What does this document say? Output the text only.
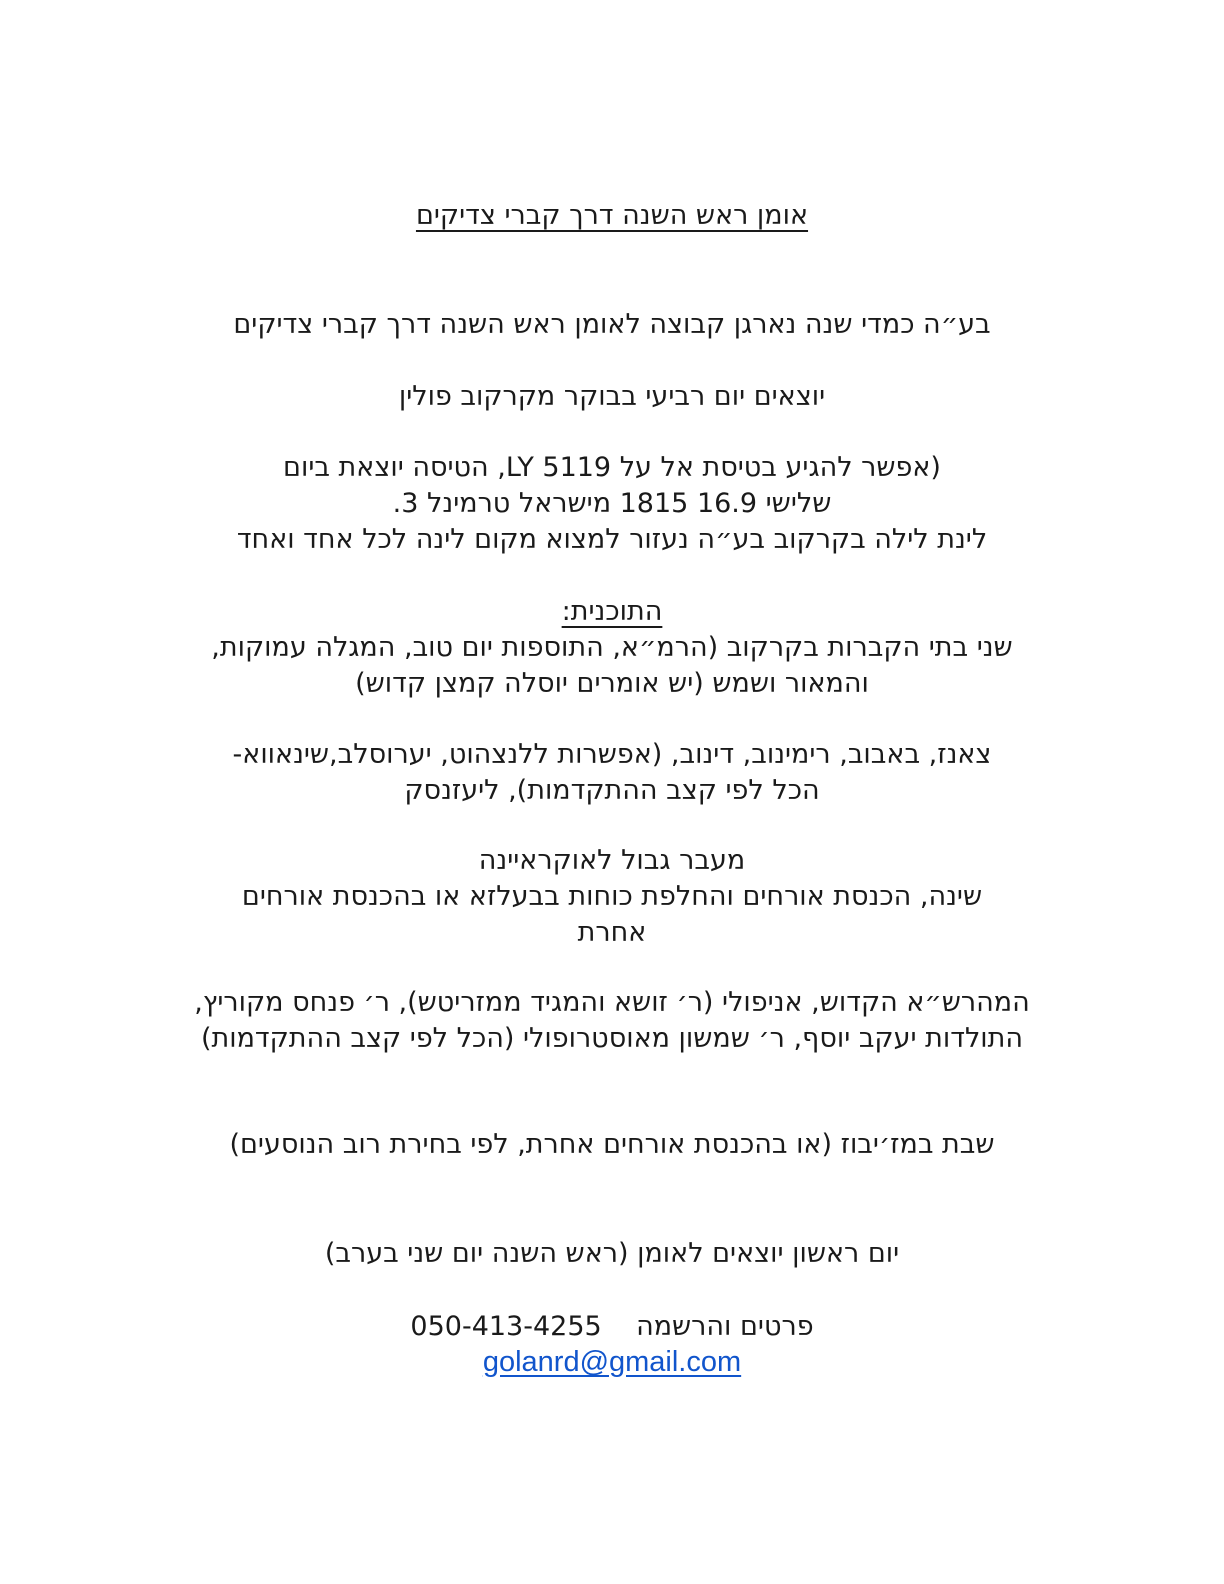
אומן ראש השנה דרך קברי צדיקים
בע״ה כמדי שנה נארגן קבוצה לאומן ראש השנה דרך קברי צדיקים
יוצאים יום רביעי בבוקר מקרקוב פולין
(אפשר להגיע בטיסת אל על LY 5119, הטיסה יוצאת ביום
שלישי 16.9 1815 מישראל טרמינל 3.
לינת לילה בקרקוב בע״ה נעזור למצוא מקום לינה לכל אחד ואחד
התוכנית:
שני בתי הקברות בקרקוב (הרמ״א, התוספות יום טוב, המגלה עמוקות,
והמאור ושמש (יש אומרים יוסלה קמצן קדוש)
צאנז, באבוב, רימינוב, דינוב, (אפשרות ללנצהוט, יערוסלב,שינאווא-
הכל לפי קצב ההתקדמות), ליעזנסק
מעבר גבול לאוקראיינה
שינה, הכנסת אורחים והחלפת כוחות בבעלזא או בהכנסת אורחים
אחרת
המהרש״א הקדוש, אניפולי (ר׳ זושא והמגיד ממזריטש), ר׳ פנחס מקוריץ,
התולדות יעקב יוסף, ר׳ שמשון מאוסטרופולי (הכל לפי קצב ההתקדמות)
שבת במז׳יבוז (או בהכנסת אורחים אחרת, לפי בחירת רוב הנוסעים)
יום ראשון יוצאים לאומן (ראש השנה יום שני בערב)
פרטים והרשמה    050-413-4255
golanrd@gmail.com
